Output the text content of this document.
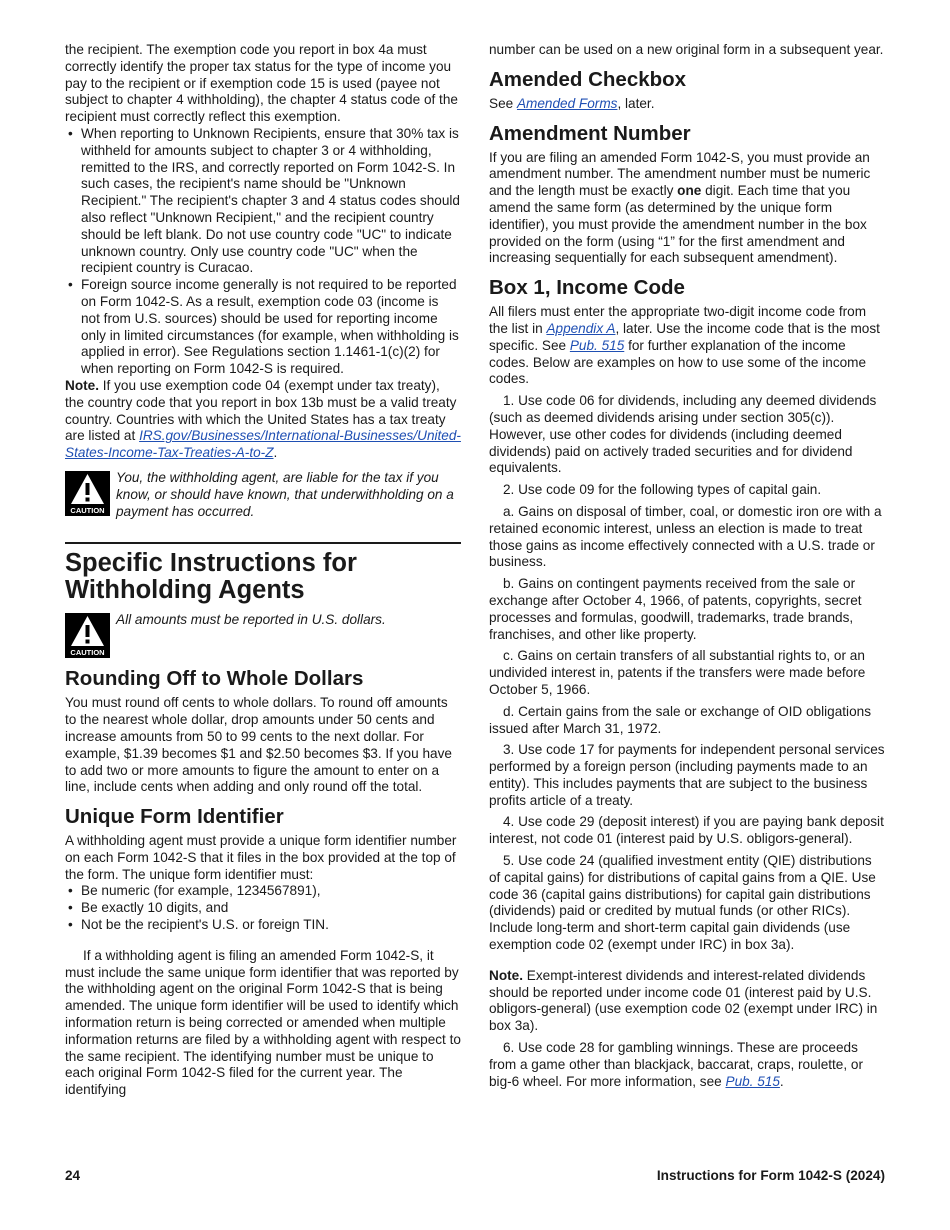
the recipient. The exemption code you report in box 4a must correctly identify the proper tax status for the type of income you pay to the recipient or if exemption code 15 is used (payee not subject to chapter 4 withholding), the chapter 4 status code of the recipient must correctly reflect this exemption.

• When reporting to Unknown Recipients, ensure that 30% tax is withheld for amounts subject to chapter 3 or 4 withholding, remitted to the IRS, and correctly reported on Form 1042-S. In such cases, the recipient's name should be "Unknown Recipient." The recipient's chapter 3 and 4 status codes should also reflect "Unknown Recipient," and the recipient country should be left blank. Do not use country code "UC" to indicate unknown country. Only use country code "UC" when the recipient country is Curacao.

• Foreign source income generally is not required to be reported on Form 1042-S. As a result, exemption code 03 (income is not from U.S. sources) should be used for reporting income only in limited circumstances (for example, when withholding is applied in error). See Regulations section 1.1461-1(c)(2) for when reporting on Form 1042-S is required.

Note. If you use exemption code 04 (exempt under tax treaty), the country code that you report in box 13b must be a valid treaty country. Countries with which the United States has a tax treaty are listed at IRS.gov/Businesses/International-Businesses/United-States-Income-Tax-Treaties-A-to-Z.

CAUTION
You, the withholding agent, are liable for the tax if you know, or should have known, that underwithholding on a payment has occurred.
Specific Instructions for Withholding Agents
CAUTION
All amounts must be reported in U.S. dollars.
Rounding Off to Whole Dollars

You must round off cents to whole dollars. To round off amounts to the nearest whole dollar, drop amounts under 50 cents and increase amounts from 50 to 99 cents to the next dollar. For example, $1.39 becomes $1 and $2.50 becomes $3. If you have to add two or more amounts to figure the amount to enter on a line, include cents when adding and only round off the total.

Unique Form Identifier

A withholding agent must provide a unique form identifier number on each Form 1042-S that it files in the box provided at the top of the form. The unique form identifier must:

• Be numeric (for example, 1234567891),

• Be exactly 10 digits, and

• Not be the recipient's U.S. or foreign TIN.

If a withholding agent is filing an amended Form 1042-S, it must include the same unique form identifier that was reported by the withholding agent on the original Form 1042-S that is being amended. The unique form identifier will be used to identify which information return is being corrected or amended when multiple information returns are filed by a withholding agent with respect to the same recipient. The identifying number must be unique to each original Form 1042-S filed for the current year. The identifying

number can be used on a new original form in a subsequent year.

Amended Checkbox

See Amended Forms, later.

Amendment Number

If you are filing an amended Form 1042-S, you must provide an amendment number. The amendment number must be numeric and the length must be exactly one digit. Each time that you amend the same form (as determined by the unique form identifier), you must provide the amendment number in the box provided on the form (using “1” for the first amendment and increasing sequentially for each subsequent amendment).

Box 1, Income Code

All filers must enter the appropriate two-digit income code from the list in Appendix A, later. Use the income code that is the most specific. See Pub. 515 for further explanation of the income codes. Below are examples on how to use some of the income codes.

1. Use code 06 for dividends, including any deemed dividends (such as deemed dividends arising under section 305(c)). However, use other codes for dividends (including deemed dividends) paid on actively traded securities and for dividend equivalents.

2. Use code 09 for the following types of capital gain.

a. Gains on disposal of timber, coal, or domestic iron ore with a retained economic interest, unless an election is made to treat those gains as income effectively connected with a U.S. trade or business.

b. Gains on contingent payments received from the sale or exchange after October 4, 1966, of patents, copyrights, secret processes and formulas, goodwill, trademarks, trade brands, franchises, and other like property.

c. Gains on certain transfers of all substantial rights to, or an undivided interest in, patents if the transfers were made before October 5, 1966.

d. Certain gains from the sale or exchange of OID obligations issued after March 31, 1972.

3. Use code 17 for payments for independent personal services performed by a foreign person (including payments made to an entity). This includes payments that are subject to the business profits article of a treaty.

4. Use code 29 (deposit interest) if you are paying bank deposit interest, not code 01 (interest paid by U.S. obligors-general).

5. Use code 24 (qualified investment entity (QIE) distributions of capital gains) for distributions of capital gains from a QIE. Use code 36 (capital gains distributions) for capital gain distributions (dividends) paid or credited by mutual funds (or other RICs). Include long-term and short-term capital gain dividends (use exemption code 02 (exempt under IRC) in box 3a).

Note. Exempt-interest dividends and interest-related dividends should be reported under income code 01 (interest paid by U.S. obligors-general) (use exemption code 02 (exempt under IRC) in box 3a).

6. Use code 28 for gambling winnings. These are proceeds from a game other than blackjack, baccarat, craps, roulette, or big-6 wheel. For more information, see Pub. 515.

24	Instructions for Form 1042-S (2024)
